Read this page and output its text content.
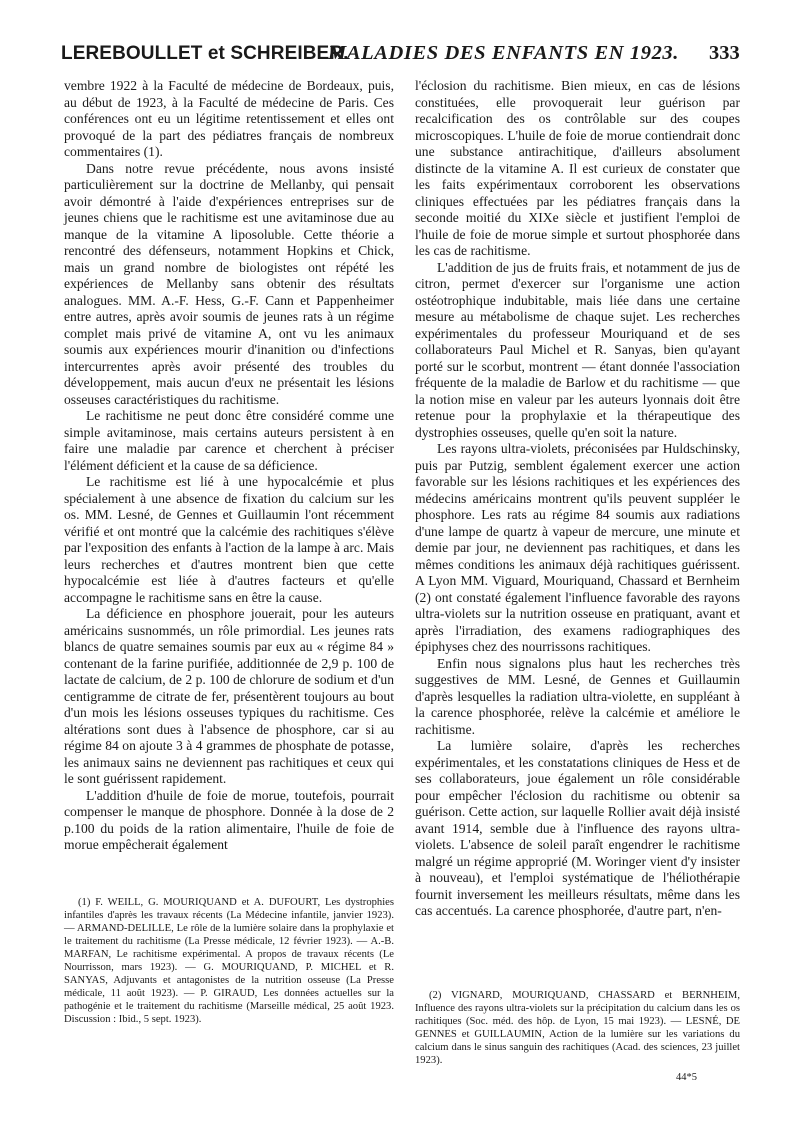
LEREBOULLET et SCHREIBER.
MALADIES DES ENFANTS EN 1923. 333

vembre 1922 à la Faculté de médecine de Bordeaux, puis, au début de 1923, à la Faculté de médecine de Paris. Ces conférences ont eu un légitime retentissement et elles ont provoqué de la part des pédiatres français de nombreux commentaires (1).

Dans notre revue précédente, nous avons insisté particulièrement sur la doctrine de Mellanby, qui pensait avoir démontré à l'aide d'expériences entreprises sur de jeunes chiens que le rachitisme est une avitaminose due au manque de la vitamine A liposoluble. Cette théorie a rencontré des défenseurs, notamment Hopkins et Chick, mais un grand nombre de biologistes ont répété les expériences de Mellanby sans obtenir des résultats analogues. MM. A.-F. Hess, G.-F. Cann et Pappenheimer entre autres, après avoir soumis de jeunes rats à un régime complet mais privé de vitamine A, ont vu les animaux soumis aux expériences mourir d'inanition ou d'infections intercurrentes après avoir présenté des troubles du développement, mais aucun d'eux ne présentait les lésions osseuses caractéristiques du rachitisme.

Le rachitisme ne peut donc être considéré comme une simple avitaminose, mais certains auteurs persistent à en faire une maladie par carence et cherchent à préciser l'élément déficient et la cause de sa déficience.

Le rachitisme est lié à une hypocalcémie et plus spécialement à une absence de fixation du calcium sur les os. MM. Lesné, de Gennes et Guillaumin l'ont récemment vérifié et ont montré que la calcémie des rachitiques s'élève par l'exposition des enfants à l'action de la lampe à arc. Mais leurs recherches et d'autres montrent bien que cette hypocalcémie est liée à d'autres facteurs et qu'elle accompagne le rachitisme sans en être la cause.

La déficience en phosphore jouerait, pour les auteurs américains susnommés, un rôle primordial. Les jeunes rats blancs de quatre semaines soumis par eux au « régime 84 » contenant de la farine purifiée, additionnée de 2,9 p. 100 de lactate de calcium, de 2 p. 100 de chlorure de sodium et d'un centigramme de citrate de fer, présentèrent toujours au bout d'un mois les lésions osseuses typiques du rachitisme. Ces altérations sont dues à l'absence de phosphore, car si au régime 84 on ajoute 3 à 4 grammes de phosphate de potasse, les animaux sains ne deviennent pas rachitiques et ceux qui le sont guérissent rapidement.

L'addition d'huile de foie de morue, toutefois, pourrait compenser le manque de phosphore. Donnée à la dose de 2 p.100 du poids de la ration alimentaire, l'huile de foie de morue empêcherait également

l'éclosion du rachitisme. Bien mieux, en cas de lésions constituées, elle provoquerait leur guérison par recalcification des os contrôlable sur des coupes microscopiques. L'huile de foie de morue contiendrait donc une substance antirachitique, d'ailleurs absolument distincte de la vitamine A. Il est curieux de constater que les faits expérimentaux corroborent les observations cliniques effectuées par les pédiatres français dans la seconde moitié du XIXe siècle et justifient l'emploi de l'huile de foie de morue simple et surtout phosphorée dans les cas de rachitisme.

L'addition de jus de fruits frais, et notamment de jus de citron, permet d'exercer sur l'organisme une action ostéotrophique indubitable, mais liée dans une certaine mesure au métabolisme de chaque sujet. Les recherches expérimentales du professeur Mouriquand et de ses collaborateurs Paul Michel et R. Sanyas, bien qu'ayant porté sur le scorbut, montrent — étant donnée l'association fréquente de la maladie de Barlow et du rachitisme — que la notion mise en valeur par les auteurs lyonnais doit être retenue pour la prophylaxie et la thérapeutique des dystrophies osseuses, quelle qu'en soit la nature.

Les rayons ultra-violets, préconisées par Huldschinsky, puis par Putzig, semblent également exercer une action favorable sur les lésions rachitiques et les expériences des médecins américains montrent qu'ils peuvent suppléer le phosphore. Les rats au régime 84 soumis aux radiations d'une lampe de quartz à vapeur de mercure, une minute et demie par jour, ne deviennent pas rachitiques, et dans les mêmes conditions les animaux déjà rachitiques guérissent. A Lyon MM. Viguard, Mouriquand, Chassard et Bernheim (2) ont constaté également l'influence favorable des rayons ultra-violets sur la nutrition osseuse en pratiquant, avant et après l'irradiation, des examens radiographiques des épiphyses chez des nourrissons rachitiques.

Enfin nous signalons plus haut les recherches très suggestives de MM. Lesné, de Gennes et Guillaumin d'après lesquelles la radiation ultra-violette, en suppléant à la carence phosphorée, relève la calcémie et améliore le rachitisme.

La lumière solaire, d'après les recherches expérimentales, et les constatations cliniques de Hess et de ses collaborateurs, joue également un rôle considérable pour empêcher l'éclosion du rachitisme ou obtenir sa guérison. Cette action, sur laquelle Rollier avait déjà insisté avant 1914, semble due à l'influence des rayons ultra-violets. L'absence de soleil paraît engendrer le rachitisme malgré un régime approprié (M. Woringer vient d'y insister à nouveau), et l'emploi systématique de l'héliothérapie fournit inversement les meilleurs résultats, même dans les cas accentués. La carence phosphorée, d'autre part, n'en-

(1) F. WEILL, G. MOURIQUAND et A. DUFOURT, Les dystrophies infantiles d'après les travaux récents (La Médecine infantile, janvier 1923). — ARMAND-DELILLE, Le rôle de la lumière solaire dans la prophylaxie et le traitement du rachitisme (La Presse médicale, 12 février 1923). — A.-B. MARFAN, Le rachitisme expérimental. A propos de travaux récents (Le Nourrisson, mars 1923). — G. MOURIQUAND, P. MICHEL et R. SANYAS, Adjuvants et antagonistes de la nutrition osseuse (La Presse médicale, 11 août 1923). — P. GIRAUD, Les données actuelles sur la pathogénie et le traitement du rachitisme (Marseille médical, 25 août 1923. Discussion : Ibid., 5 sept. 1923).

(2) VIGNARD, MOURIQUAND, CHASSARD et BERNHEIM, Influence des rayons ultra-violets sur la précipitation du calcium dans les os rachitiques (Soc. méd. des hôp. de Lyon, 15 mai 1923). — LESNÉ, DE GENNES et GUILLAUMIN, Action de la lumière sur les variations du calcium dans le sinus sanguin des rachitiques (Acad. des sciences, 23 juillet 1923).

44*5
